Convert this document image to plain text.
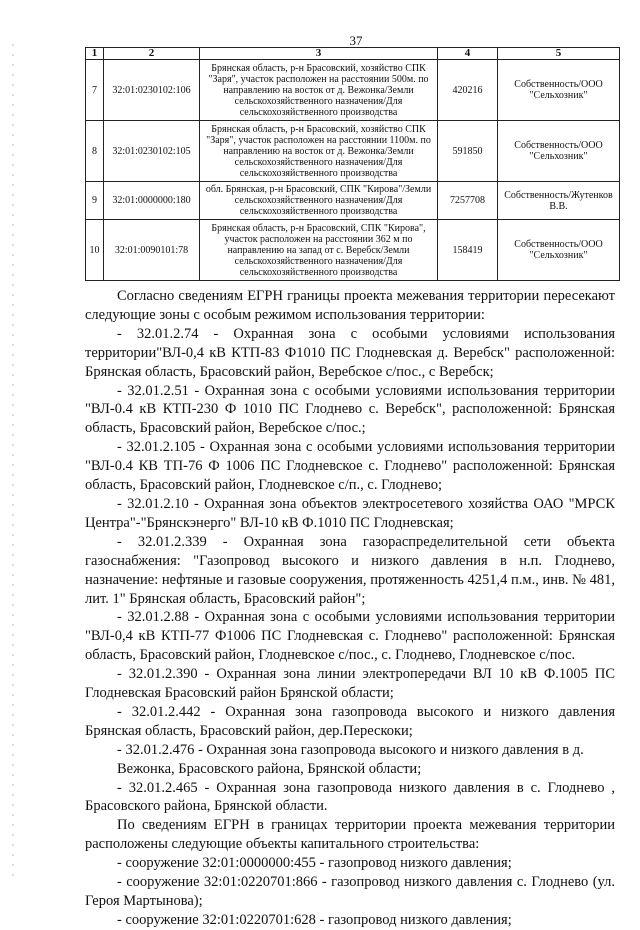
37
1	2	3	4	5
7	32:01:0230102:106	Брянская область, р-н Брасовский, хозяйство СПК "Заря", участок расположен на расстоянии 500м. по направлению на восток от д. Вежонка/Земли сельскохозяйственного назначения/Для сельскохозяйственного производства	420216	Собственность/ООО "Сельхозник"
8	32:01:0230102:105	Брянская область, р-н Брасовский, хозяйство СПК "Заря", участок расположен на расстоянии 1100м. по направлению на восток от д. Вежонка/Земли сельскохозяйственного назначения/Для сельскохозяйственного производства	591850	Собственность/ООО "Сельхозник"
9	32:01:0000000:180	обл. Брянская, р-н Брасовский, СПК "Кирова"/Земли сельскохозяйственного назначения/Для сельскохозяйственного производства	7257708	Собственность/Жутенков В.В.
10	32:01:0090101:78	Брянская область, р-н Брасовский, СПК "Кирова", участок расположен на расстоянии 362 м по направлению на запад от с. Веребск/Земли сельскохозяйственного назначения/Для сельскохозяйственного производства	158419	Собственность/ООО "Сельхозник"

Согласно сведениям ЕГРН границы проекта межевания территории пересекают следующие зоны с особым режимом использования территории:

- 32.01.2.74 - Охранная зона с особыми условиями использования территории"ВЛ-0,4 кВ КТП-83 Ф1010 ПС Глодневская д. Веребск" расположенной: Брянская область, Брасовский район, Веребское с/пос., с Веребск;

- 32.01.2.51 - Охранная зона с особыми условиями использования территории "ВЛ-0.4 кВ КТП-230 Ф 1010 ПС Глоднево с. Веребск", расположенной: Брянская область, Брасовский район, Веребское с/пос.;

- 32.01.2.105 - Охранная зона с особыми условиями использования территории "ВЛ-0.4 КВ ТП-76 Ф 1006 ПС Глодневское с. Глоднево" расположенной: Брянская область, Брасовский район, Глодневское с/п., с. Глоднево;

- 32.01.2.10 - Охранная зона объектов электросетевого хозяйства ОАО "МРСК Центра"-"Брянскэнерго" ВЛ-10 кВ Ф.1010 ПС Глодневская;

- 32.01.2.339 - Охранная зона газораспределительной сети объекта газоснабжения: "Газопровод высокого и низкого давления в н.п. Глоднево, назначение: нефтяные и газовые сооружения, протяженность 4251,4 п.м., инв. № 481, лит. 1" Брянская область, Брасовский район";

- 32.01.2.88 - Охранная зона с особыми условиями использования территории "ВЛ-0,4 кВ КТП-77 Ф1006 ПС Глодневская с. Глоднево" расположенной: Брянская область, Брасовский район, Глодневское с/пос., с. Глоднево, Глодневское с/пос.

- 32.01.2.390 - Охранная зона линии электропередачи ВЛ 10 кВ Ф.1005 ПС Глодневская Брасовский район Брянской области;

- 32.01.2.442 - Охранная зона газопровода высокого и низкого давления Брянская область, Брасовский район, дер.Перескоки;

- 32.01.2.476 - Охранная зона газопровода высокого и низкого давления в д.

Вежонка, Брасовского района, Брянской области;

- 32.01.2.465 - Охранная зона газопровода низкого давления в с. Глоднево , Брасовского района, Брянской области.

По сведениям ЕГРН в границах территории проекта межевания территории расположены следующие объекты капитального строительства:

- сооружение 32:01:0000000:455 - газопровод низкого давления;

- сооружение 32:01:0220701:866 - газопровод низкого давления с. Глоднево (ул. Героя Мартынова);

- сооружение 32:01:0220701:628 - газопровод низкого давления;
